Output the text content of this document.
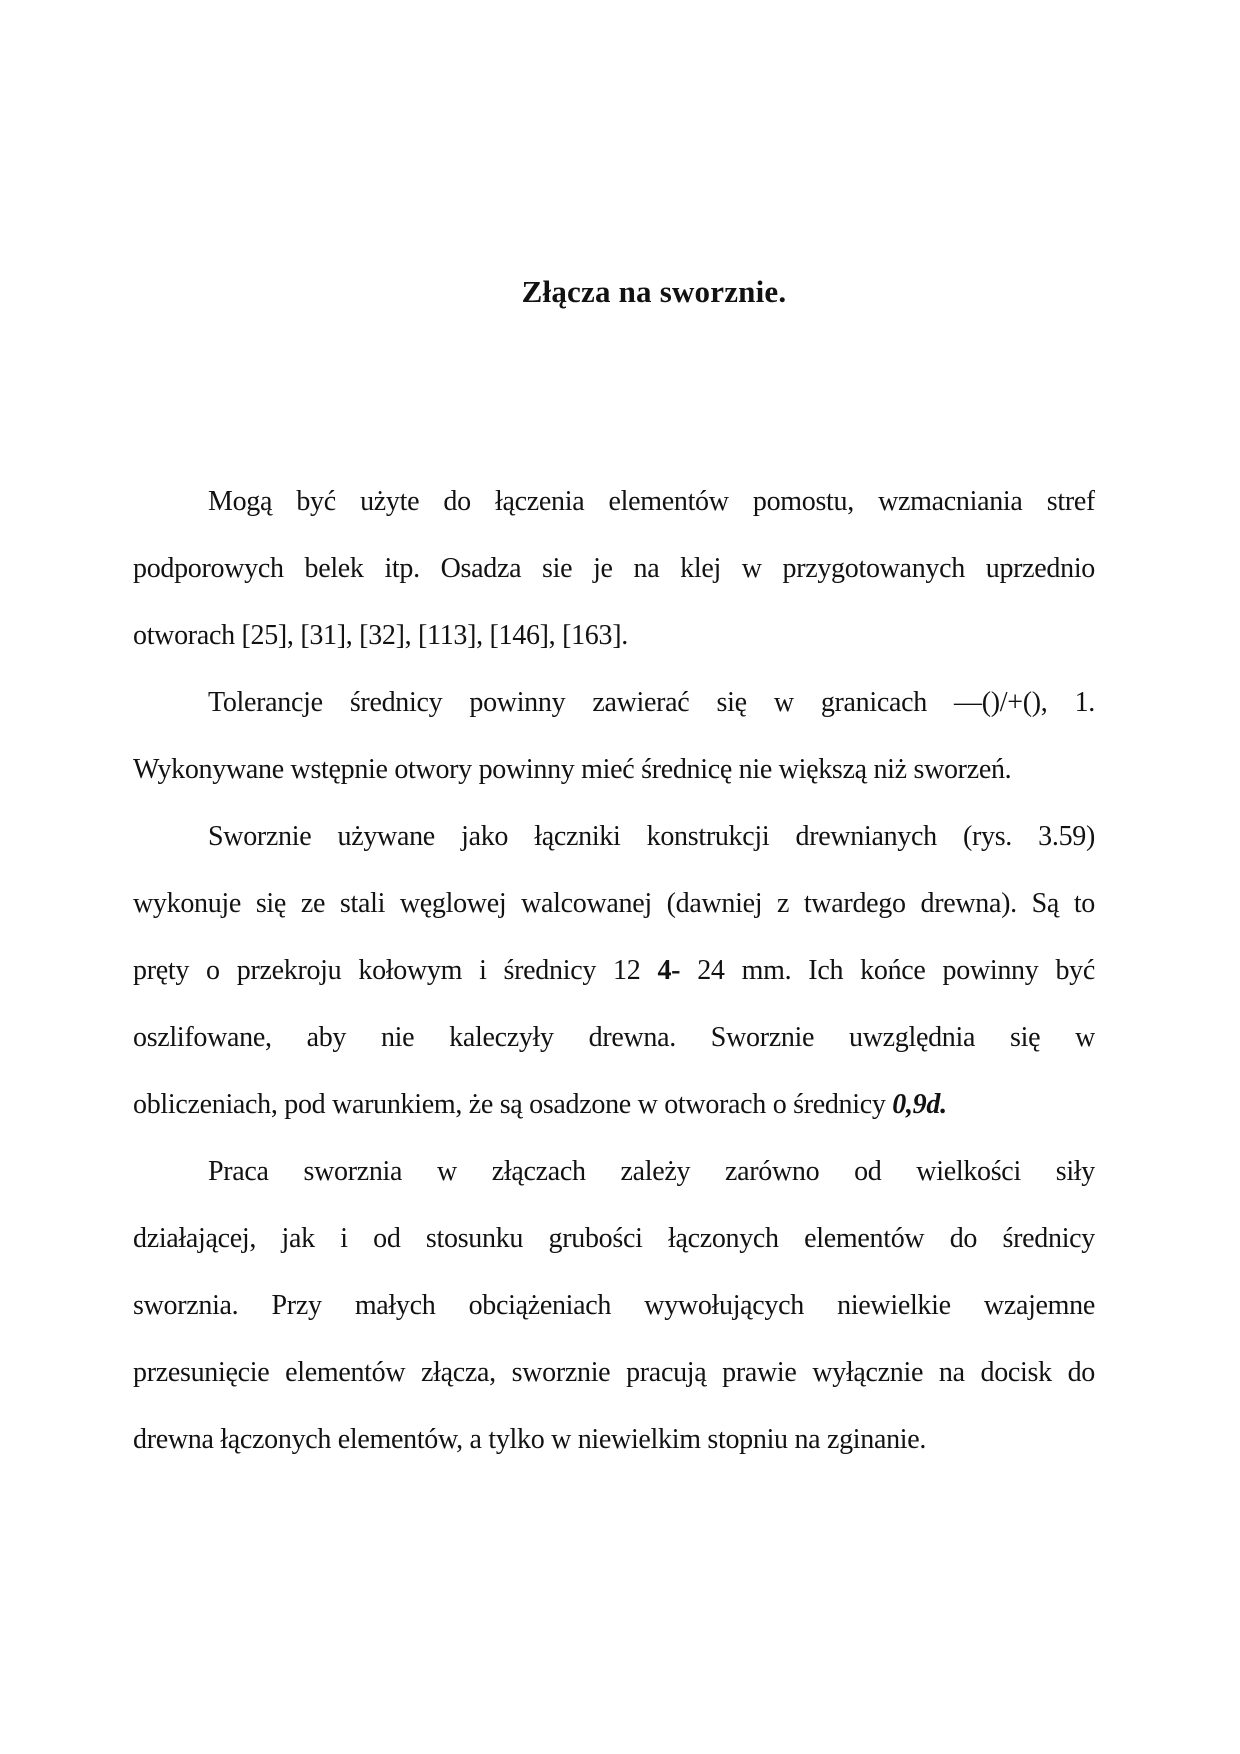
Złącza na sworznie.
Mogą być użyte do łączenia elementów pomostu, wzmacniania stref
podporowych belek itp. Osadza sie je na klej w przygotowanych uprzednio
otworach [25], [31], [32], [113], [146], [163].
Tolerancje średnicy powinny zawierać się w granicach —()/+(), 1.
Wykonywane wstępnie otwory powinny mieć średnicę nie większą niż sworzeń.
Sworznie używane jako łączniki konstrukcji drewnianych (rys. 3.59)
wykonuje się ze stali węglowej walcowanej (dawniej z twardego drewna). Są to
pręty o przekroju kołowym i średnicy 12 4- 24 mm. Ich końce powinny być
oszlifowane, aby nie kaleczyły drewna. Sworznie uwzględnia się w
obliczeniach, pod warunkiem, że są osadzone w otworach o średnicy 0,9d.
Praca sworznia w złączach zależy zarówno od wielkości siły
działającej, jak i od stosunku grubości łączonych elementów do średnicy
sworznia. Przy małych obciążeniach wywołujących niewielkie wzajemne
przesunięcie elementów złącza, sworznie pracują prawie wyłącznie na docisk do
drewna łączonych elementów, a tylko w niewielkim stopniu na zginanie.
